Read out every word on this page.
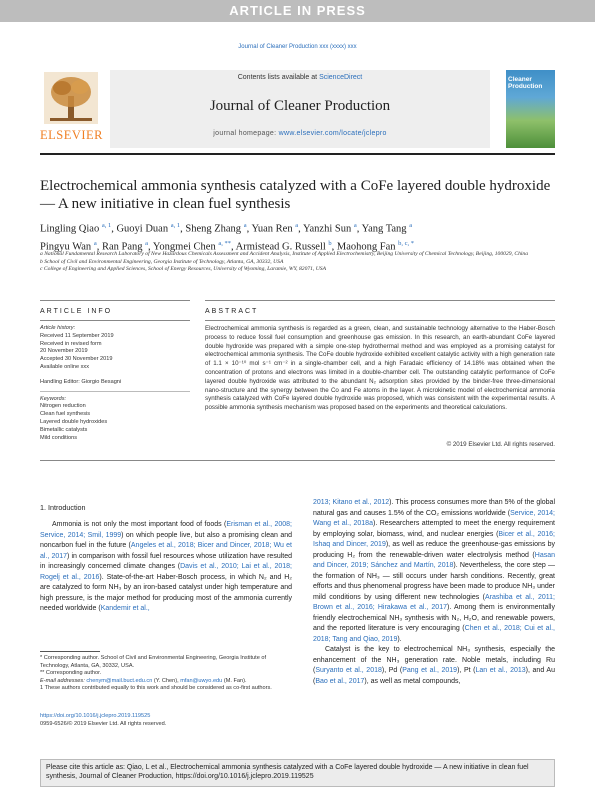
ARTICLE IN PRESS
Journal of Cleaner Production xxx (xxxx) xxx
ELSEVIER
Contents lists available at ScienceDirect
Journal of Cleaner Production
journal homepage: www.elsevier.com/locate/jclepro
Cleaner Production
Electrochemical ammonia synthesis catalyzed with a CoFe layered double hydroxide — A new initiative in clean fuel synthesis
Lingling Qiao $^{a, 1}$, Guoyi Duan $^{a, 1}$, Sheng Zhang $^a$, Yuan Ren $^a$, Yanzhi Sun $^a$, Yang Tang $^a$
Pingyu Wan $^a$, Ran Pang $^a$, Yongmei Chen $^{a, **}$, Armistead G. Russell $^b$, Maohong Fan $^{b, c, *}$
a National Fundamental Research Laboratory of New Hazardous Chemicals Assessment and Accident Analysis, Institute of Applied Electrochemistry, Beijing University of Chemical Technology, Beijing, 100029, China
b School of Civil and Environmental Engineering, Georgia Institute of Technology, Atlanta, GA, 30332, USA
c College of Engineering and Applied Sciences, School of Energy Resources, University of Wyoming, Laramie, WY, 82071, USA
ARTICLE INFO	ABSTRACT
Article history:
Received 11 September 2019
Received in revised form
20 November 2019
Accepted 30 November 2019
Available online xxx
Handling Editor: Giorgio Besagni
Keywords:
Nitrogen reduction
Clean fuel synthesis
Layered double hydroxides
Bimetallic catalysts
Mild conditions
Electrochemical ammonia synthesis is regarded as a green, clean, and sustainable technology alternative to the Haber-Bosch process to reduce fossil fuel consumption and greenhouse gas emission. In this research, an earth-abundant CoFe layered double hydroxide was prepared with a simple one-step hydrothermal method and was employed as a promising catalyst for electrochemical ammonia synthesis. The CoFe double hydroxide exhibited excellent catalytic activity with a high generation rate of 1.1 × 10⁻¹⁰ mol s⁻¹ cm⁻² in a single-chamber cell, and a high Faradaic efficiency of 14.18% was obtained when the concentration of protons and electrons was limited in a double-chamber cell. The outstanding catalytic performance of CoFe layered double hydroxide was attributed to the abundant N₂ adsorption sites provided by the binder-free three-dimensional nano-structure and the synergy between the Co and Fe atoms in the layer. A microkinetic model of electrochemical ammonia synthesis catalyzed with CoFe layered double hydroxide was proposed, which was consistent with the experimental results. A possible ammonia synthesis mechanism was proposed based on the experiments and theoretical calculations.
© 2019 Elsevier Ltd. All rights reserved.
1. Introduction

Ammonia is not only the most important food of foods (Erisman et al., 2008; Service, 2014; Smil, 1999) on which people live, but also a promising clean and noncarbon fuel in the future (Angeles et al., 2018; Bicer and Dincer, 2018; Wu et al., 2017) in comparison with fossil fuel resources whose utilization have resulted in increasingly concerned climate changes (Davis et al., 2010; Lai et al., 2018; Rogelj et al., 2016). State-of-the-art Haber-Bosch process, in which N₂ and H₂ are catalyzed to form NH₃ by an iron-based catalyst under high temperature and high pressure, is the major method for producing most of the ammonia currently needed worldwide (Kandemir et al.,

2013; Kitano et al., 2012). This process consumes more than 5% of the global natural gas and causes 1.5% of the CO₂ emissions worldwide (Service, 2014; Wang et al., 2018a). Researchers attempted to meet the energy requirement by employing solar, biomass, wind, and nuclear energies (Bicer et al., 2016; Ishaq and Dincer, 2019), as well as reduce the greenhouse-gas emissions by producing H₂ from the renewable-driven water electrolysis method (Hasan and Dincer, 2019; Sánchez and Martín, 2018). Nevertheless, the core step — the formation of NH₃ — still occurs under harsh conditions. Recently, great efforts and thus phenomenal progress have been made to produce NH₃ under mild conditions by using different new technologies (Arashiba et al., 2011; Brown et al., 2016; Hirakawa et al., 2017). Among them is environmentally friendly electrochemical NH₃ synthesis with N₂, H₂O, and renewable powers, and the reported literature is very encouraging (Chen et al., 2018; Cui et al., 2018; Tang and Qiao, 2019).

Catalyst is the key to electrochemical NH₃ synthesis, especially the enhancement of the NH₃ generation rate. Noble metals, including Ru (Suryanto et al., 2018), Pd (Pang et al., 2019), Pt (Lan et al., 2013), and Au (Bao et al., 2017), as well as metal compounds,

* Corresponding author. School of Civil and Environmental Engineering, Georgia Institute of Technology, Atlanta, GA, 30332, USA.
** Corresponding author.
E-mail addresses: chenym@mail.buct.edu.cn (Y. Chen), mfan@uwyo.edu (M. Fan).
1 These authors contributed equally to this work and should be considered as co-first authors.
https://doi.org/10.1016/j.jclepro.2019.119525
0959-6526/© 2019 Elsevier Ltd. All rights reserved.
Please cite this article as: Qiao, L et al., Electrochemical ammonia synthesis catalyzed with a CoFe layered double hydroxide — A new initiative in clean fuel synthesis, Journal of Cleaner Production, https://doi.org/10.1016/j.jclepro.2019.119525
